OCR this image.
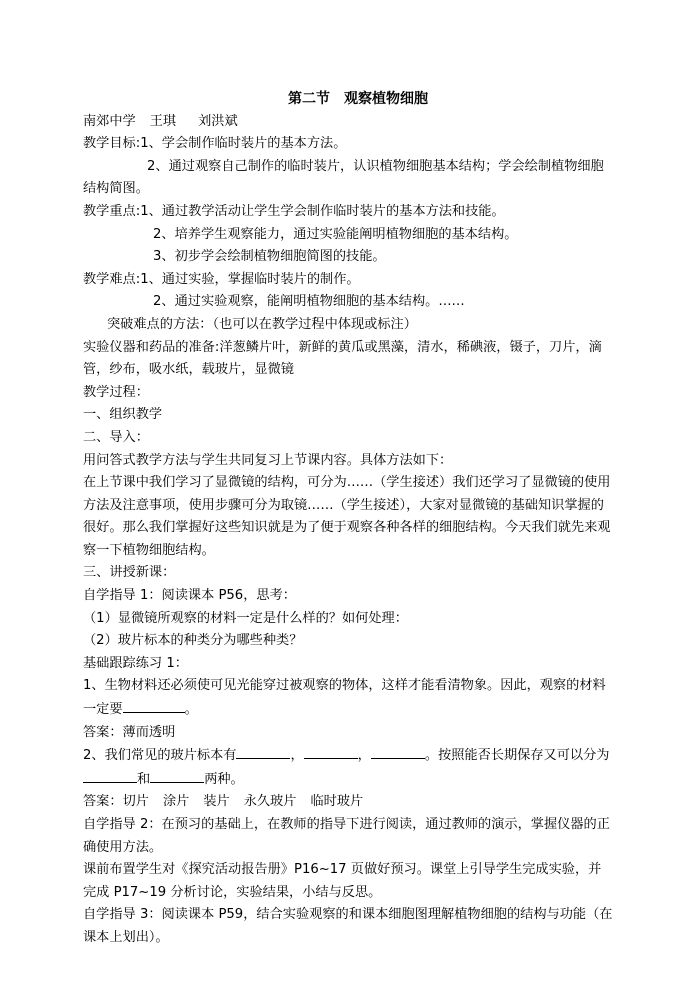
第二节　观察植物细胞
南郊中学 王琪 刘洪斌
教学目标:1、学会制作临时装片的基本方法。
2、通过观察自己制作的临时装片，认识植物细胞基本结构；学会绘制植物细胞结构简图。
教学重点:1、通过教学活动让学生学会制作临时装片的基本方法和技能。
2、培养学生观察能力，通过实验能阐明植物细胞的基本结构。
3、初步学会绘制植物细胞简图的技能。
教学难点:1、通过实验，掌握临时装片的制作。
2、通过实验观察，能阐明植物细胞的基本结构。……
突破难点的方法：（也可以在教学过程中体现或标注）
实验仪器和药品的准备:洋葱鳞片叶，新鲜的黄瓜或黑藻，清水，稀碘液，镊子，刀片，滴管，纱布，吸水纸，载玻片，显微镜
教学过程：
一、组织教学
二、导入：
用问答式教学方法与学生共同复习上节课内容。具体方法如下：
在上节课中我们学习了显微镜的结构，可分为……（学生接述）我们还学习了显微镜的使用方法及注意事项，使用步骤可分为取镜……（学生接述），大家对显微镜的基础知识掌握的很好。那么我们掌握好这些知识就是为了便于观察各种各样的细胞结构。今天我们就先来观察一下植物细胞结构。
三、讲授新课：
自学指导 1：阅读课本 P56，思考：
（1）显微镜所观察的材料一定是什么样的？如何处理：
（2）玻片标本的种类分为哪些种类？
基础跟踪练习 1：
1、生物材料还必须使可见光能穿过被观察的物体，这样才能看清物象。因此，观察的材料一定要	。
答案：薄而透明
2、我们常见的玻片标本有	，	，	。按照能否长期保存又可以分为和	两种。
答案：切片 涂片 装片 永久玻片 临时玻片
自学指导 2：在预习的基础上，在教师的指导下进行阅读，通过教师的演示，掌握仪器的正确使用方法。
课前布置学生对《探究活动报告册》P16~17 页做好预习。课堂上引导学生完成实验，并完成 P17~19 分析讨论，实验结果，小结与反思。
自学指导 3：阅读课本 P59，结合实验观察的和课本细胞图理解植物细胞的结构与功能（在课本上划出）。
